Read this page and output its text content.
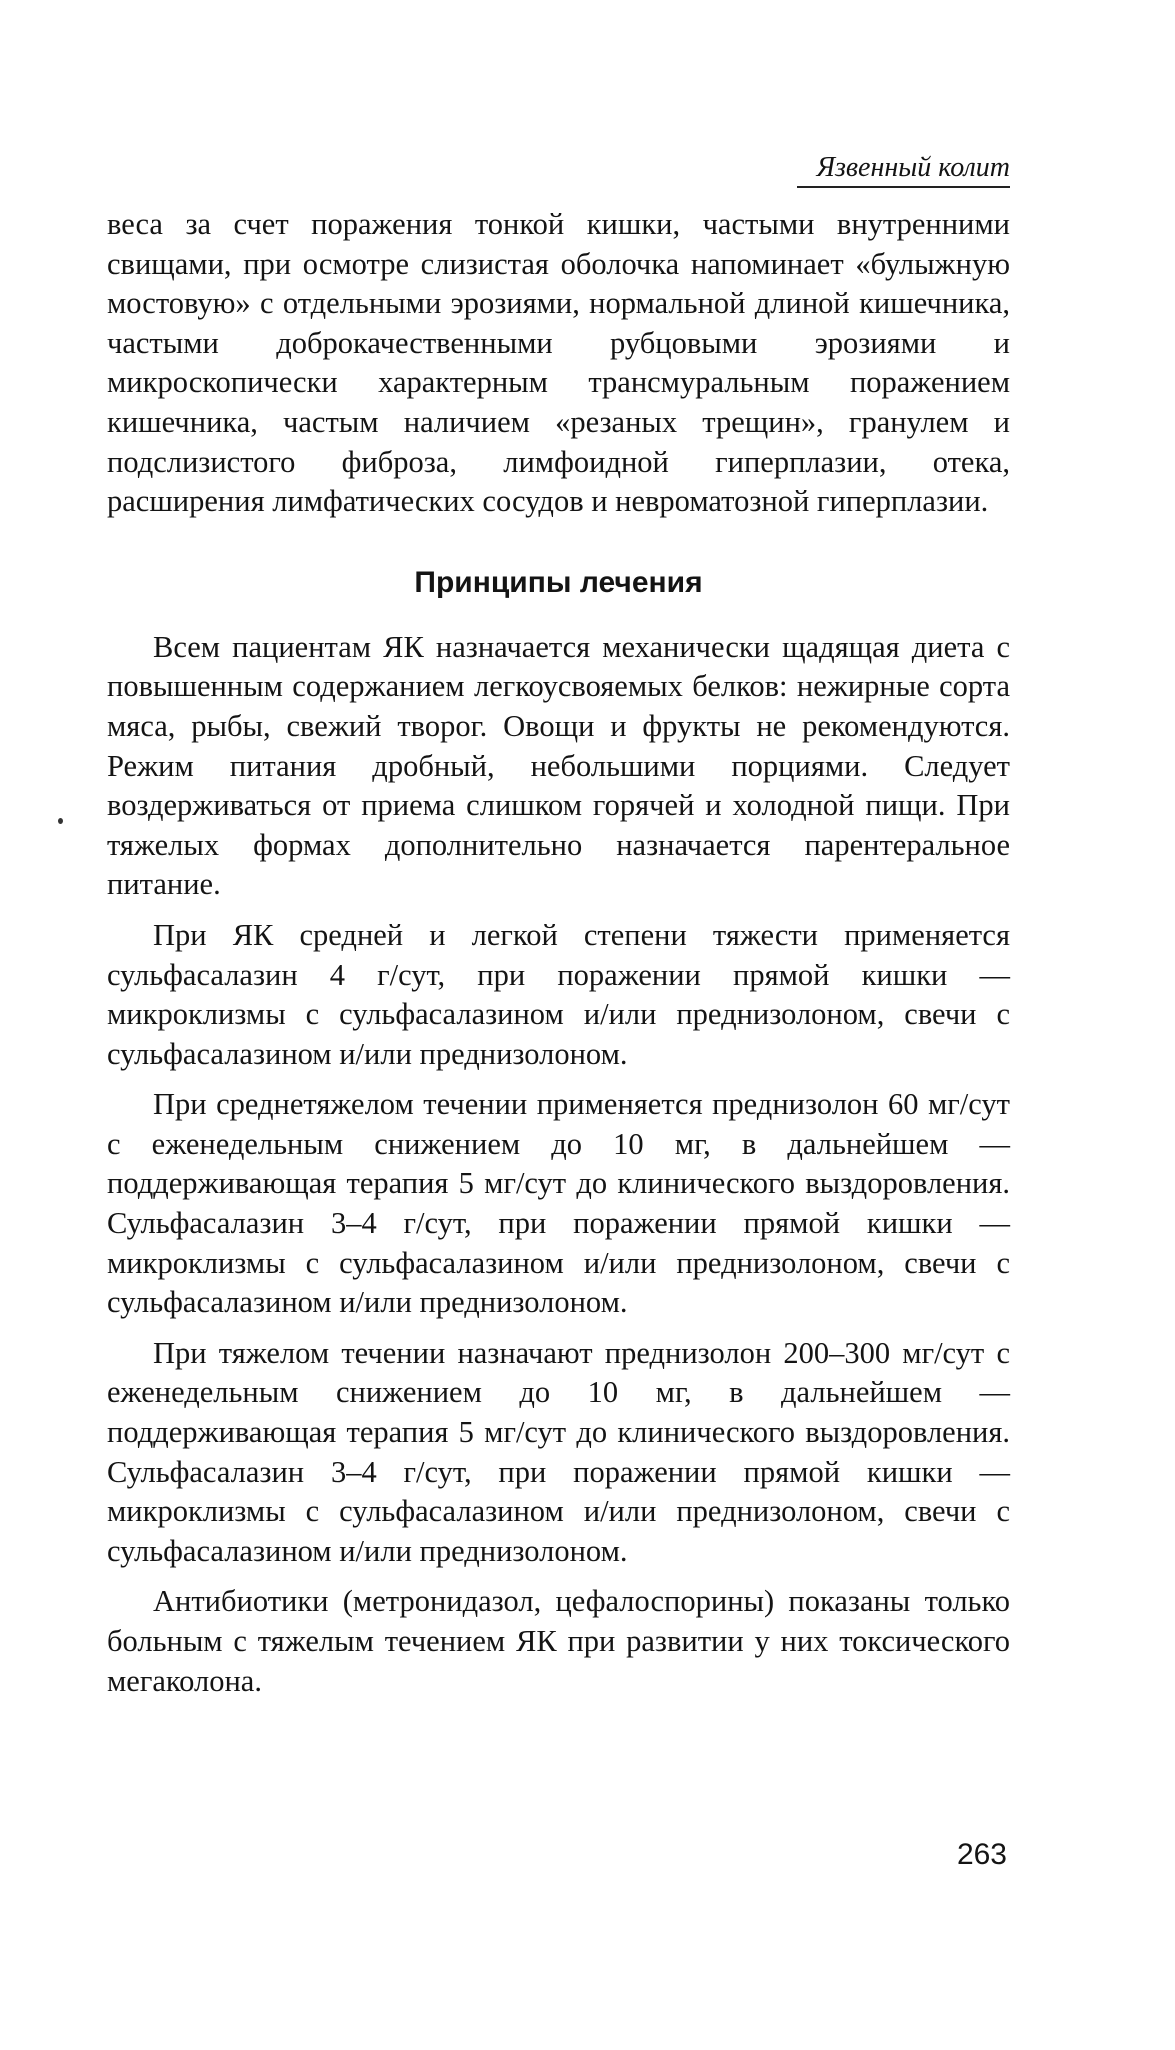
Язвенный колит

веса за счет поражения тонкой кишки, частыми внутренними свищами, при осмотре слизистая оболочка напоминает «булыжную мостовую» с отдельными эрозиями, нормальной длиной кишечника, частыми доброкачественными рубцовыми эрозиями и микроскопически характерным трансмуральным поражением кишечника, частым наличием «резаных трещин», гранулем и подслизистого фиброза, лимфоидной гиперплазии, отека, расширения лимфатических сосудов и невроматозной гиперплазии.

Принципы лечения

Всем пациентам ЯК назначается механически щадящая диета с повышенным содержанием легкоусвояемых белков: нежирные сорта мяса, рыбы, свежий творог. Овощи и фрукты не рекомендуются. Режим питания дробный, небольшими порциями. Следует воздерживаться от приема слишком горячей и холодной пищи. При тяжелых формах дополнительно назначается парентеральное питание.

При ЯК средней и легкой степени тяжести применяется сульфасалазин 4 г/сут, при поражении прямой кишки — микроклизмы с сульфасалазином и/или преднизолоном, свечи с сульфасалазином и/или преднизолоном.

При среднетяжелом течении применяется преднизолон 60 мг/сут с еженедельным снижением до 10 мг, в дальнейшем — поддерживающая терапия 5 мг/сут до клинического выздоровления. Сульфасалазин 3–4 г/сут, при поражении прямой кишки — микроклизмы с сульфасалазином и/или преднизолоном, свечи с сульфасалазином и/или преднизолоном.

При тяжелом течении назначают преднизолон 200–300 мг/сут с еженедельным снижением до 10 мг, в дальнейшем — поддерживающая терапия 5 мг/сут до клинического выздоровления. Сульфасалазин 3–4 г/сут, при поражении прямой кишки — микроклизмы с сульфасалазином и/или преднизолоном, свечи с сульфасалазином и/или преднизолоном.

Антибиотики (метронидазол, цефалоспорины) показаны только больным с тяжелым течением ЯК при развитии у них токсического мегаколона.

263
